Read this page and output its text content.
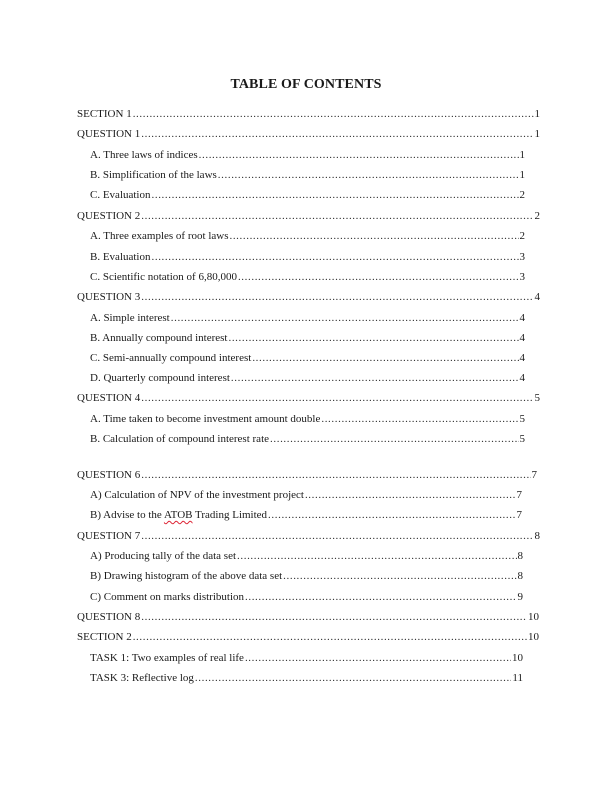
TABLE OF CONTENTS
SECTION 1 .....	1
QUESTION 1 .....	1
A. Three laws of indices .....	1
B. Simplification of the laws .....	1
C. Evaluation .....	2
QUESTION 2 .....	2
A. Three examples of root laws .....	2
B. Evaluation .....	3
C. Scientific notation of 6,80,000 .....	3
QUESTION 3 .....	4
A. Simple interest .....	4
B. Annually compound interest .....	4
C. Semi-annually compound interest .....	4
D. Quarterly compound interest .....	4
QUESTION 4 .....	5
A. Time taken to become investment amount double .....	5
B. Calculation of compound interest rate .....	5
QUESTION 6 .....	7
A) Calculation of NPV of the investment project .....	7
B) Advise to the ATOB Trading Limited .....	7
QUESTION 7 .....	8
A) Producing tally of the data set .....	8
B) Drawing histogram of the above data set .....	8
C) Comment on marks distribution .....	9
QUESTION 8 .....	10
SECTION 2 .....	10
TASK 1: Two examples of real life .....	10
TASK 3: Reflective log .....	11
